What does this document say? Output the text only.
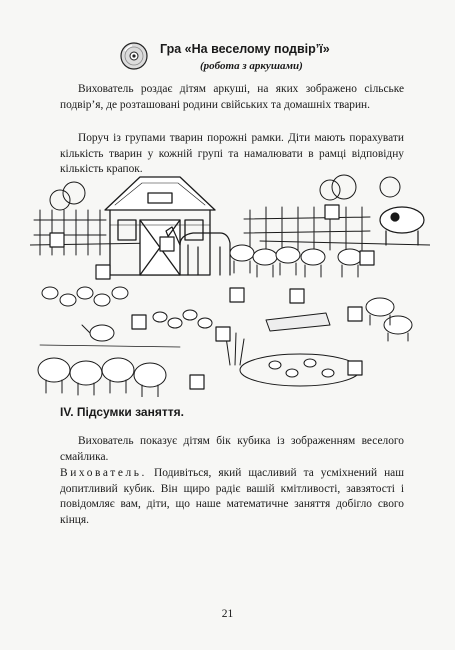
Гра «На веселому подвір’ї»
(робота з аркушами)

Вихователь роздає дітям аркуші, на яких зображено сільське подвір’я, де розташовані родини свійських та домашніх тварин.

Поруч із групами тварин порожні рамки. Діти мають порахувати кількість тварин у кожній групі та намалювати в рамці відповідну кількість крапок.

IV. Підсумки заняття.

Вихователь показує дітям бік кубика із зображенням веселого смайлика.

Вихователь. Подивіться, який щасливий та усміхнений наш допитливий кубик. Він щиро радіє вашій кмітливості, завзятості і повідомляє вам, діти, що наше математичне заняття добігло свого кінця.

21
